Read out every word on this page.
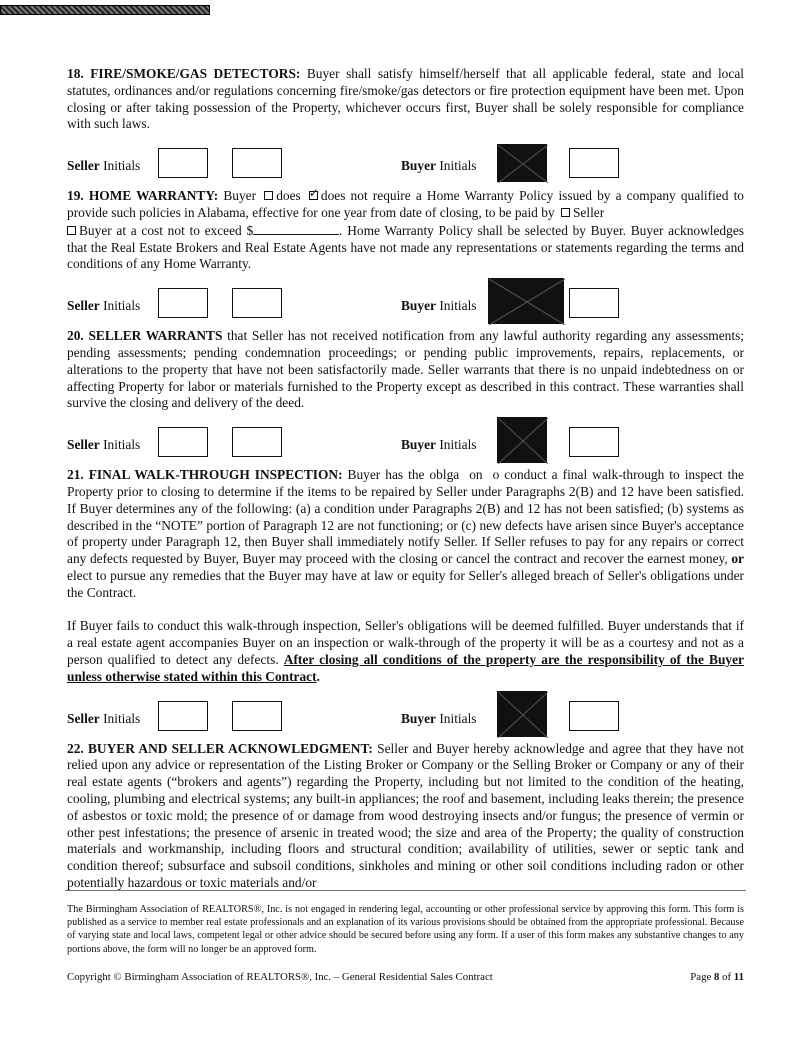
18. FIRE/SMOKE/GAS DETECTORS: Buyer shall satisfy himself/herself that all applicable federal, state and local statutes, ordinances and/or regulations concerning fire/smoke/gas detectors or fire protection equipment have been met. Upon closing or after taking possession of the Property, whichever occurs first, Buyer shall be solely responsible for compliance with such laws.

Seller Initials	Buyer Initials

19. HOME WARRANTY: Buyer does ✓ does not require a Home Warranty Policy issued by a company qualified to provide such policies in Alabama, effective for one year from date of closing, to be paid by Seller
Buyer at a cost not to exceed $	. Home Warranty Policy shall be selected by Buyer. Buyer acknowledges that the Real Estate Brokers and Real Estate Agents have not made any representations or statements regarding the terms and conditions of any Home Warranty.

Seller Initials	Buyer Initials

20. SELLER WARRANTS that Seller has not received notification from any lawful authority regarding any assessments; pending assessments; pending condemnation proceedings; or pending public improvements, repairs, replacements, or alterations to the property that have not been satisfactorily made. Seller warrants that there is no unpaid indebtedness on or affecting Property for labor or materials furnished to the Property except as described in this contract. These warranties shall survive the closing and delivery of the deed.

Seller Initials	Buyer Initials

21. FINAL WALK-THROUGH INSPECTION: Buyer has the oblga on o conduct a final walk-through to inspect the Property prior to closing to determine if the items to be repaired by Seller under Paragraphs 2(B) and 12 have been satisfied. If Buyer determines any of the following: (a) a condition under Paragraphs 2(B) and 12 has not been satisfied; (b) systems as described in the “NOTE” portion of Paragraph 12 are not functioning; or (c) new defects have arisen since Buyer's acceptance of property under Paragraph 12, then Buyer shall immediately notify Seller. If Seller refuses to pay for any repairs or correct any defects requested by Buyer, Buyer may proceed with the closing or cancel the contract and recover the earnest money, or elect to pursue any remedies that the Buyer may have at law or equity for Seller's alleged breach of Seller's obligations under the Contract.

If Buyer fails to conduct this walk-through inspection, Seller's obligations will be deemed fulfilled. Buyer understands that if a real estate agent accompanies Buyer on an inspection or walk-through of the property it will be as a courtesy and not as a person qualified to detect any defects. After closing all conditions of the property are the responsibility of the Buyer unless otherwise stated within this Contract.

Seller Initials	Buyer Initials

22. BUYER AND SELLER ACKNOWLEDGMENT: Seller and Buyer hereby acknowledge and agree that they have not relied upon any advice or representation of the Listing Broker or Company or the Selling Broker or Company or any of their real estate agents (“brokers and agents”) regarding the Property, including but not limited to the condition of the heating, cooling, plumbing and electrical systems; any built-in appliances; the roof and basement, including leaks therein; the presence of asbestos or toxic mold; the presence of or damage from wood destroying insects and/or fungus; the presence of vermin or other pest infestations; the presence of arsenic in treated wood; the size and area of the Property; the quality of construction materials and workmanship, including floors and structural condition; availability of utilities, sewer or septic tank and condition thereof; subsurface and subsoil conditions, sinkholes and mining or other soil conditions including radon or other potentially hazardous or toxic materials and/or

The Birmingham Association of REALTORS®, Inc. is not engaged in rendering legal, accounting or other professional service by approving this form. This form is published as a service to member real estate professionals and an explanation of its various provisions should be obtained from the appropriate professional. Because of varying state and local laws, competent legal or other advice should be secured before using any form. If a user of this form makes any substantive changes to any portions above, the form will no longer be an approved form.

Copyright © Birmingham Association of REALTORS®, Inc. – General Residential Sales Contract	Page 8 of 11
